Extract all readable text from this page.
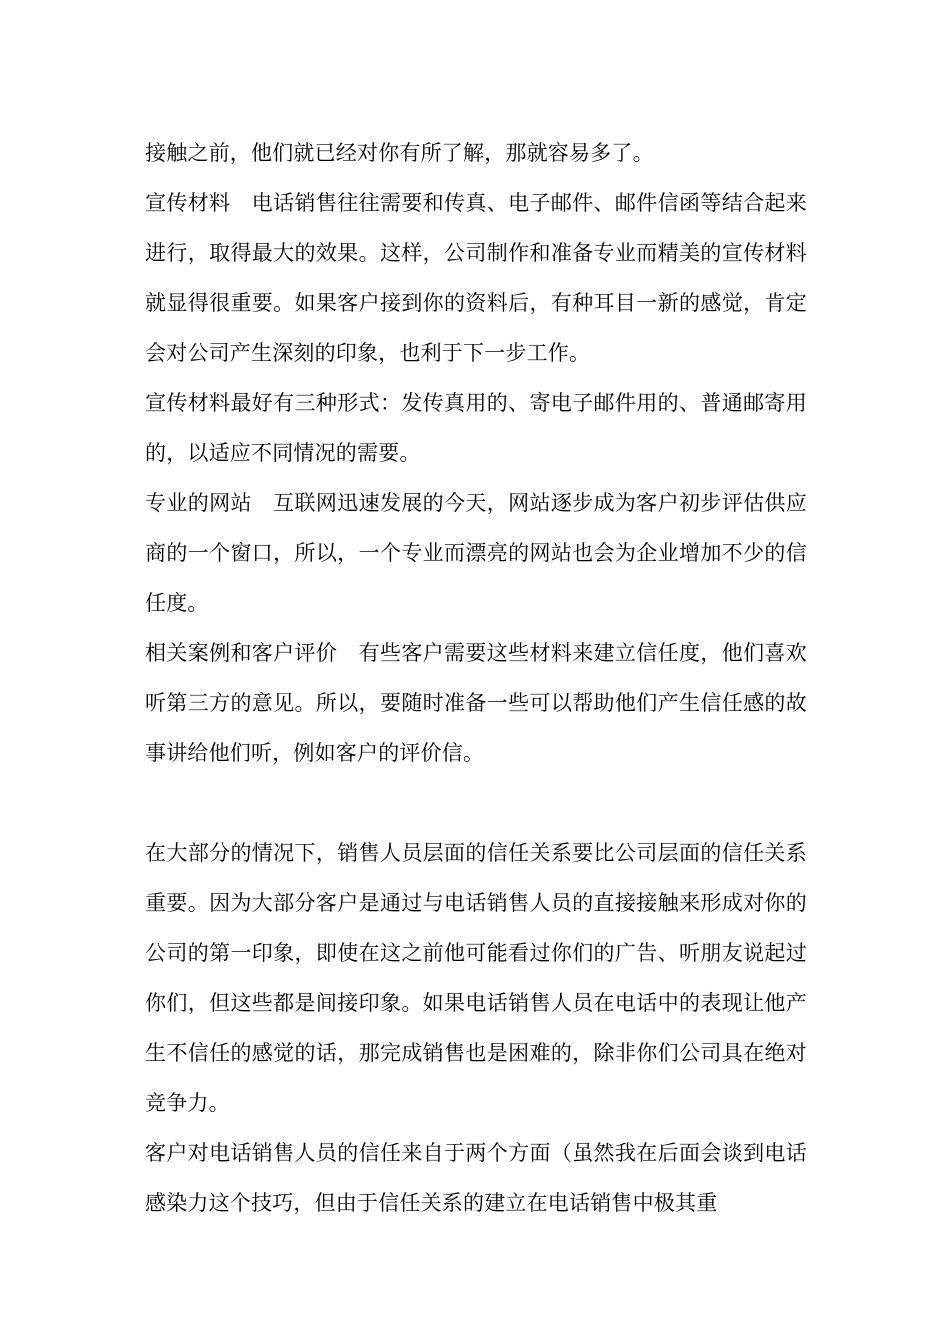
接触之前，他们就已经对你有所了解，那就容易多了。

宣传材料　电话销售往往需要和传真、电子邮件、邮件信函等结合起来进行，取得最大的效果。这样，公司制作和准备专业而精美的宣传材料就显得很重要。如果客户接到你的资料后，有种耳目一新的感觉，肯定会对公司产生深刻的印象，也利于下一步工作。

宣传材料最好有三种形式：发传真用的、寄电子邮件用的、普通邮寄用的，以适应不同情况的需要。

专业的网站　互联网迅速发展的今天，网站逐步成为客户初步评估供应商的一个窗口，所以，一个专业而漂亮的网站也会为企业增加不少的信任度。

相关案例和客户评价　有些客户需要这些材料来建立信任度，他们喜欢听第三方的意见。所以，要随时准备一些可以帮助他们产生信任感的故事讲给他们听，例如客户的评价信。

在大部分的情况下，销售人员层面的信任关系要比公司层面的信任关系重要。因为大部分客户是通过与电话销售人员的直接接触来形成对你的公司的第一印象，即使在这之前他可能看过你们的广告、听朋友说起过你们，但这些都是间接印象。如果电话销售人员在电话中的表现让他产生不信任的感觉的话，那完成销售也是困难的，除非你们公司具在绝对竞争力。

客户对电话销售人员的信任来自于两个方面（虽然我在后面会谈到电话感染力这个技巧，但由于信任关系的建立在电话销售中极其重
